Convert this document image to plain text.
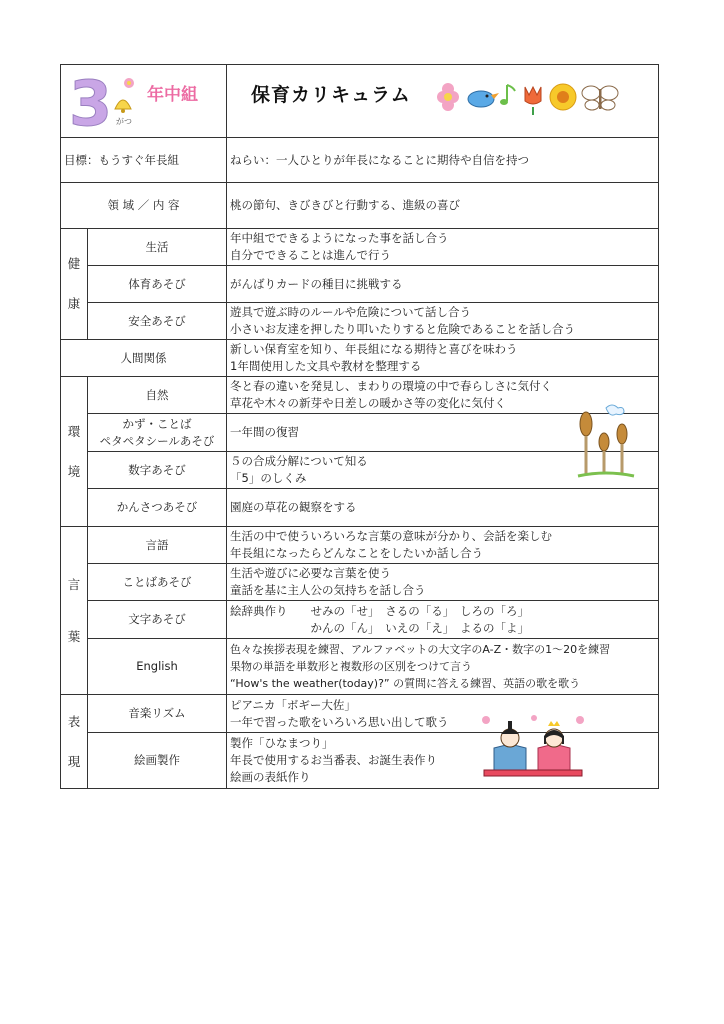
3 がつ
年中組		保育カリキュラム

目標：もうすぐ年長組		ねらい：一人ひとりが年長になることに期待や自信を持つ
領 域 ／ 内 容		桃の節句、きびきびと行動する、進級の喜び

健
康	生活	年中組でできるようになった事を話し合う
自分でできることは進んで行う

	体育あそび	がんばりカードの種目に挑戦する

	安全あそび	遊具で遊ぶ時のルールや危険について話し合う
小さいお友達を押したり叩いたりすると危険であることを話し合う

人間関係		新しい保育室を知り、年長組になる期待と喜びを味わう
1年間使用した文具や教材を整理する

環
境	自然	冬と春の違いを発見し、まわりの環境の中で春らしさに気付く
草花や木々の新芽や日差しの暖かさ等の変化に気付く

	かず・ことば
ペタペタシールあそび	一年間の復習

	数字あそび	５の合成分解について知る
「5」のしくみ

	かんさつあそび	園庭の草花の観察をする

言
葉	言語	生活の中で使ういろいろな言葉の意味が分かり、会話を楽しむ
年長組になったらどんなことをしたいか話し合う

	ことばあそび	生活や遊びに必要な言葉を使う
童話を基に主人公の気持ちを話し合う

	文字あそび	絵辞典作り　　せみの「せ」　さるの「る」　しろの「ろ」
　　　　　　　かんの「ん」　いえの「え」　よるの「よ」

	English	色々な挨拶表現を練習、アルファベットの大文字のA-Z・数字の1～20を練習
果物の単語を単数形と複数形の区別をつけて言う
“How's the weather(today)?” の質問に答える練習、英語の歌を歌う

表
現	音楽リズム	ピアニカ「ボギー大佐」
一年で習った歌をいろいろ思い出して歌う

	絵画製作	製作「ひなまつり」
年長で使用するお当番表、お誕生表作り
絵画の表紙作り
